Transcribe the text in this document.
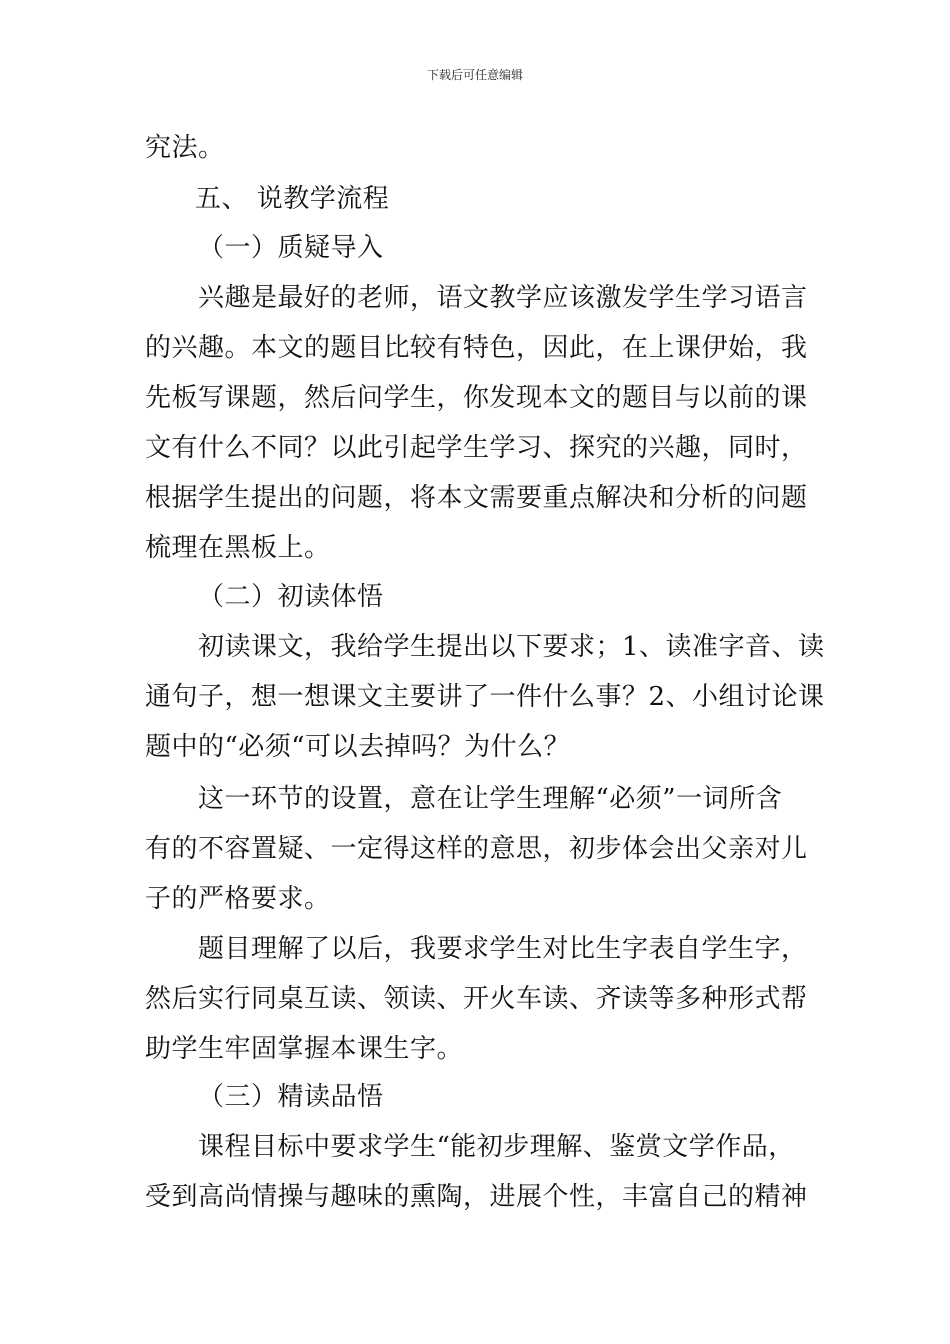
下载后可任意编辑
究法。
五、 说教学流程
（一）质疑导入
兴趣是最好的老师，语文教学应该激发学生学习语言
的兴趣。本文的题目比较有特色，因此，在上课伊始，我
先板写课题，然后问学生，你发现本文的题目与以前的课
文有什么不同？以此引起学生学习、探究的兴趣，同时，
根据学生提出的问题，将本文需要重点解决和分析的问题
梳理在黑板上。
（二）初读体悟
初读课文，我给学生提出以下要求；1、读准字音、读
通句子，想一想课文主要讲了一件什么事？2、小组讨论课
题中的“必须“可以去掉吗？为什么？
这一环节的设置，意在让学生理解“必须”一词所含
有的不容置疑、一定得这样的意思，初步体会出父亲对儿
子的严格要求。
题目理解了以后，我要求学生对比生字表自学生字，
然后实行同桌互读、领读、开火车读、齐读等多种形式帮
助学生牢固掌握本课生字。
（三）精读品悟
课程目标中要求学生“能初步理解、鉴赏文学作品，
受到高尚情操与趣味的熏陶，进展个性，丰富自己的精神
